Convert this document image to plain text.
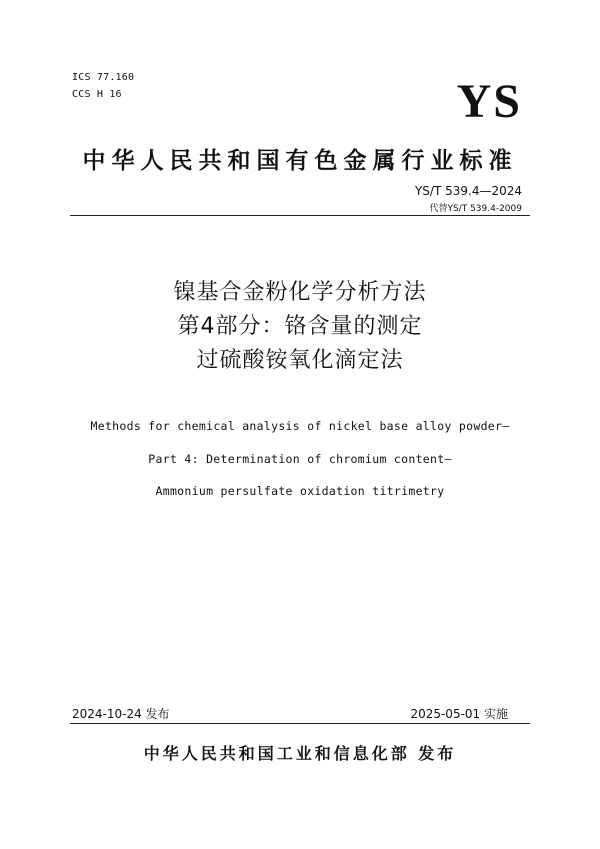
ICS 77.160
CCS H 16	YS
中华人民共和国有色金属行业标准
YS/T 539.4—2024
代替YS/T 539.4-2009
镍基合金粉化学分析方法
第4部分：铬含量的测定
过硫酸铵氧化滴定法
Methods for chemical analysis of nickel base alloy powder—
Part 4: Determination of chromium content—
Ammonium persulfate oxidation titrimetry
2024-10-24 发布	2025-05-01 实施
中华人民共和国工业和信息化部 发布
